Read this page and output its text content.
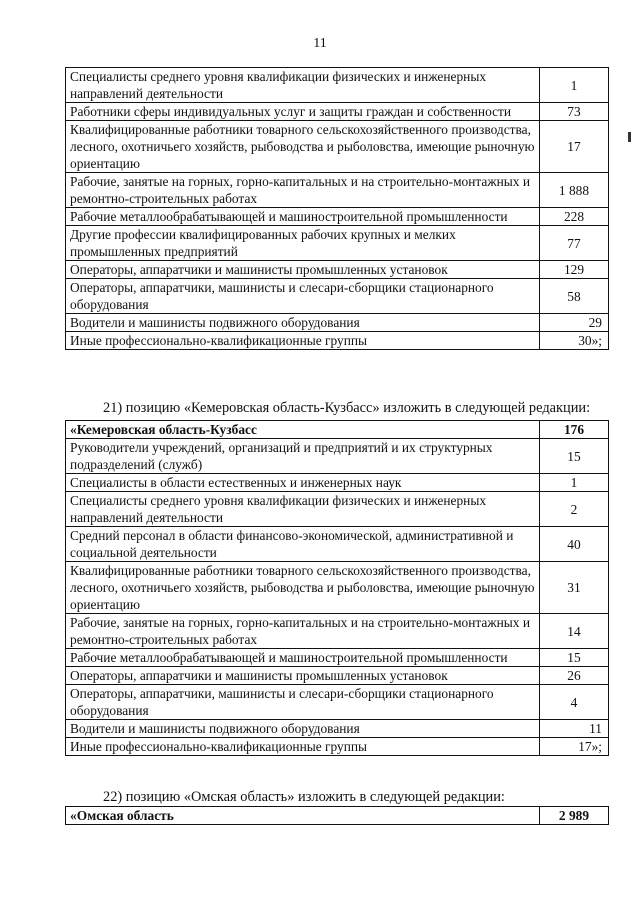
11
Специалисты среднего уровня квалификации физических и инженерных направлений деятельности	1
Работники сферы индивидуальных услуг и защиты граждан и собственности	73
Квалифицированные работники товарного сельскохозяйственного производства, лесного, охотничьего хозяйств, рыбоводства и рыболовства, имеющие рыночную ориентацию	17
Рабочие, занятые на горных, горно-капитальных и на строительно-монтажных и ремонтно-строительных работах	1 888
Рабочие металлообрабатывающей и машиностроительной промышленности	228
Другие профессии квалифицированных рабочих крупных и мелких промышленных предприятий	77
Операторы, аппаратчики и машинисты промышленных установок	129
Операторы, аппаратчики, машинисты и слесари-сборщики стационарного оборудования	58
Водители и машинисты подвижного оборудования	29
Иные профессионально-квалификационные группы	30»;
21) позицию «Кемеровская область-Кузбасс» изложить в следующей редакции:
«Кемеровская область-Кузбасс	176
Руководители учреждений, организаций и предприятий и их структурных подразделений (служб)	15
Специалисты в области естественных и инженерных наук	1
Специалисты среднего уровня квалификации физических и инженерных направлений деятельности	2
Средний персонал в области финансово-экономической, административной и социальной деятельности	40
Квалифицированные работники товарного сельскохозяйственного производства, лесного, охотничьего хозяйств, рыбоводства и рыболовства, имеющие рыночную ориентацию	31
Рабочие, занятые на горных, горно-капитальных и на строительно-монтажных и ремонтно-строительных работах	14
Рабочие металлообрабатывающей и машиностроительной промышленности	15
Операторы, аппаратчики и машинисты промышленных установок	26
Операторы, аппаратчики, машинисты и слесари-сборщики стационарного оборудования	4
Водители и машинисты подвижного оборудования	11
Иные профессионально-квалификационные группы	17»;
22) позицию «Омская область» изложить в следующей редакции:
«Омская область	2 989
